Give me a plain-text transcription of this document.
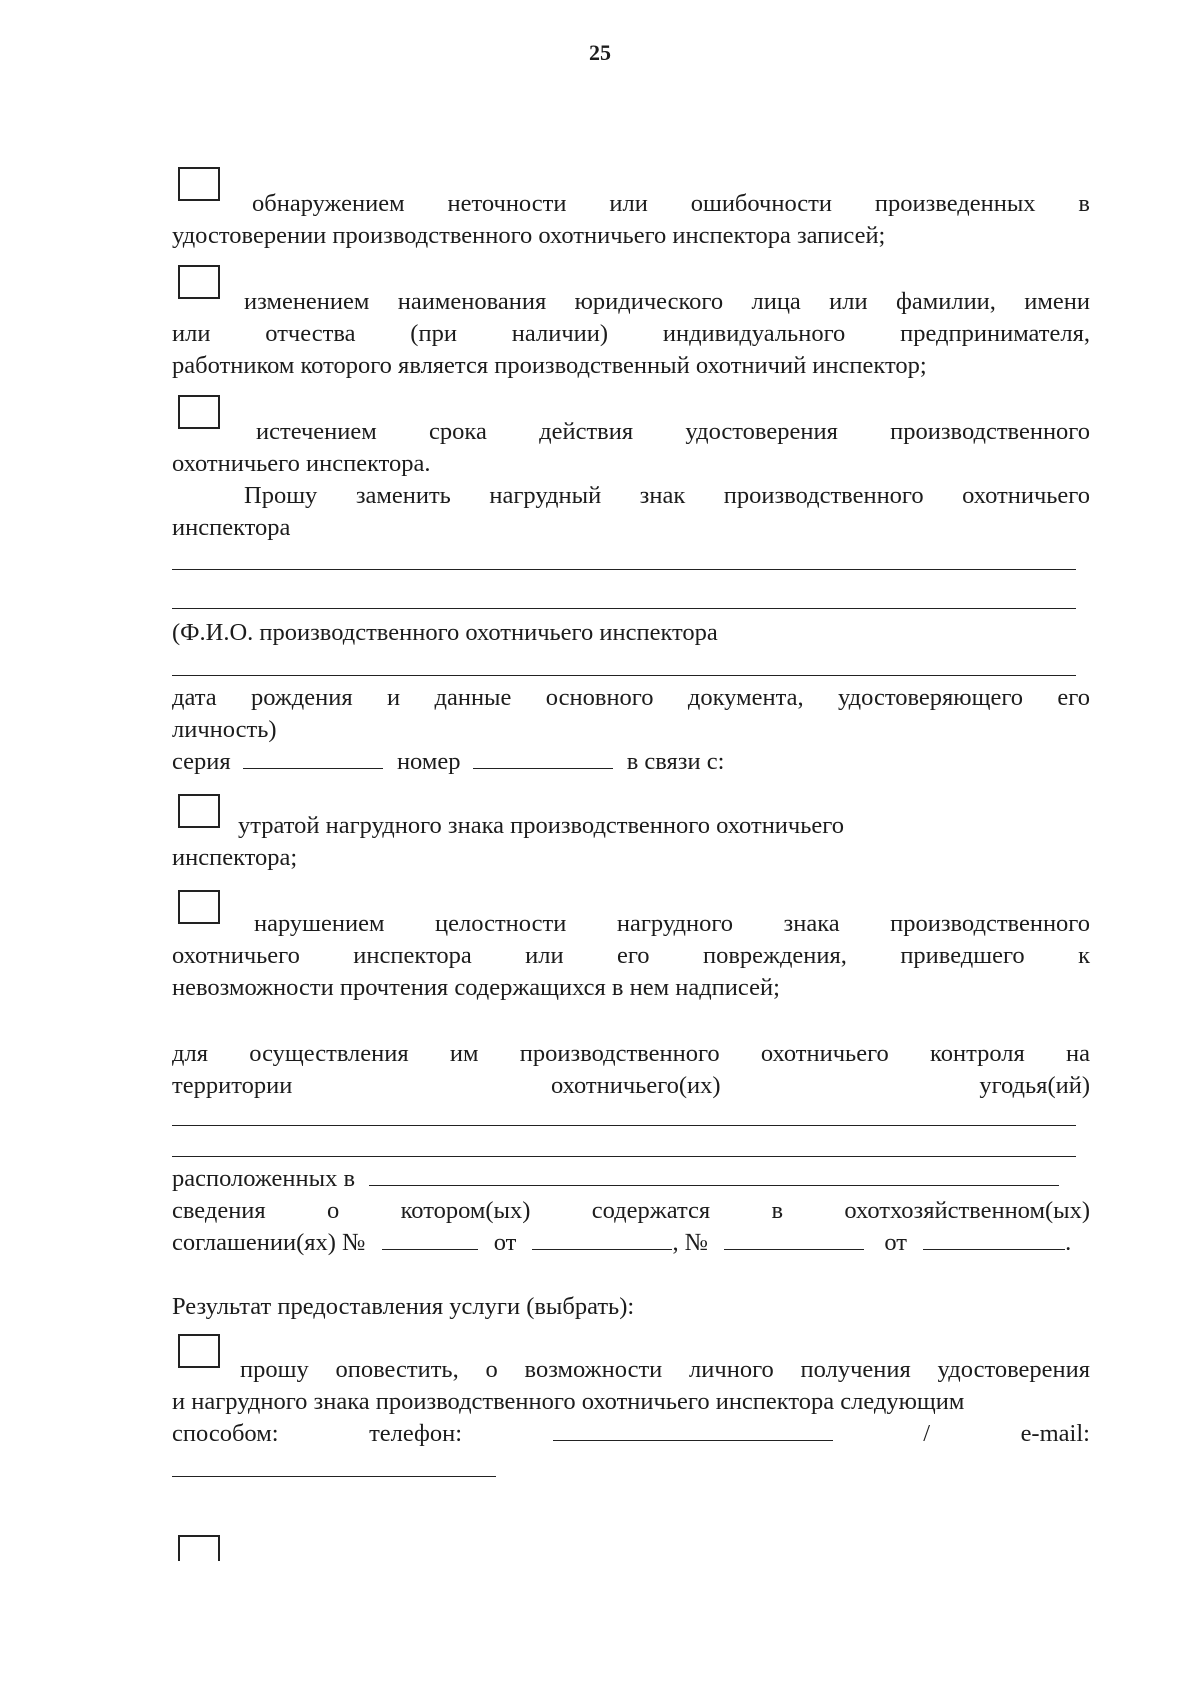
25
обнаружением неточности или ошибочности произведенных в
удостоверении производственного охотничьего инспектора записей;
изменением наименования юридического лица или фамилии, имени
или отчества (при наличии) индивидуального предпринимателя,
работником которого является производственный охотничий инспектор;
истечением срока действия удостоверения производственного
охотничьего инспектора.
Прошу заменить нагрудный знак производственного охотничьего
инспектора
(Ф.И.О. производственного охотничьего инспектора
дата рождения и данные основного документа, удостоверяющего его
личность)
серия	номер	в связи с:
утратой нагрудного знака производственного охотничьего
инспектора;
нарушением целостности нагрудного знака производственного
охотничьего инспектора или его повреждения, приведшего к
невозможности прочтения содержащихся в нем надписей;
для осуществления им производственного охотничьего контроля на
территории	охотничьего(их)	угодья(ий)
расположенных в
сведения о котором(ых) содержатся в охотхозяйственном(ых)
соглашении(ях) №	от	, №	от	.
Результат предоставления услуги (выбрать):
прошу оповестить, о возможности личного получения удостоверения
и нагрудного знака производственного охотничьего инспектора следующим
способом:	телефон:	/	e-mail:
